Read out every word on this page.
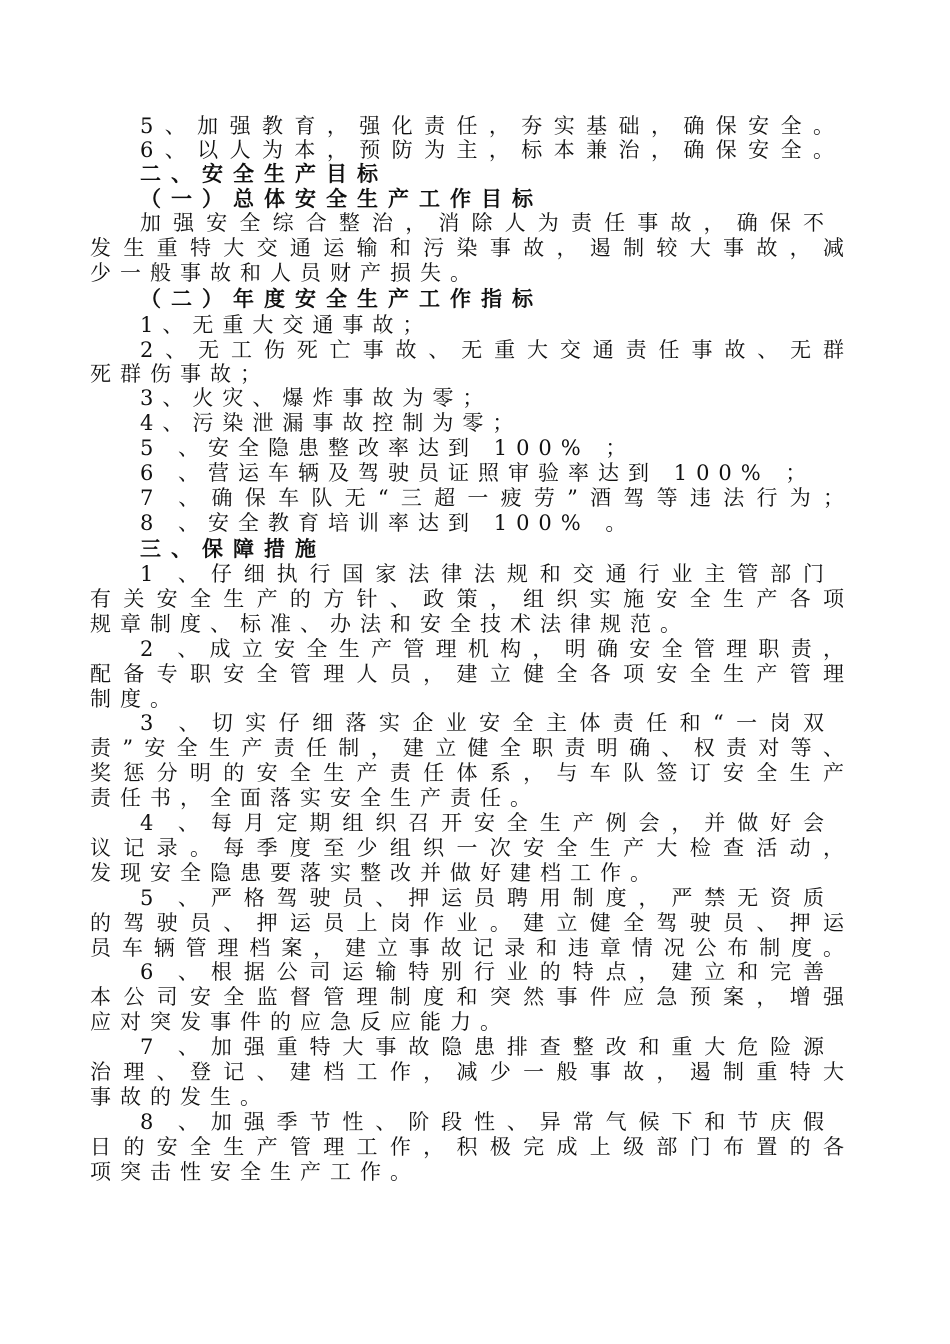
5、加强教育，强化责任，夯实基础，确保安全。
6、以人为本，预防为主，标本兼治，确保安全。
二、安全生产目标
（一）总体安全生产工作目标
加强安全综合整治，消除人为责任事故，确保不
发生重特大交通运输和污染事故，遏制较大事故，减
少一般事故和人员财产损失。
（二）年度安全生产工作指标
1、无重大交通事故；
2、无工伤死亡事故、无重大交通责任事故、无群
死群伤事故；
3、火灾、爆炸事故为零；
4、污染泄漏事故控制为零；
5 、安全隐患整改率达到 100% ；
6 、营运车辆及驾驶员证照审验率达到 100% ；
7 、确保车队无“三超一疲劳”酒驾等违法行为；
8 、安全教育培训率达到 100% 。
三、保障措施
1 、仔细执行国家法律法规和交通行业主管部门
有关安全生产的方针、政策，组织实施安全生产各项
规章制度、标准、办法和安全技术法律规范。
2 、成立安全生产管理机构，明确安全管理职责，
配备专职安全管理人员，建立健全各项安全生产管理
制度。
3 、切实仔细落实企业安全主体责任和“一岗双
责”安全生产责任制，建立健全职责明确、权责对等、
奖惩分明的安全生产责任体系，与车队签订安全生产
责任书，全面落实安全生产责任。
4 、每月定期组织召开安全生产例会，并做好会
议记录。每季度至少组织一次安全生产大检查活动，
发现安全隐患要落实整改并做好建档工作。
5 、严格驾驶员、押运员聘用制度，严禁无资质
的驾驶员、押运员上岗作业。建立健全驾驶员、押运
员车辆管理档案，建立事故记录和违章情况公布制度。
6 、根据公司运输特别行业的特点，建立和完善
本公司安全监督管理制度和突然事件应急预案，增强
应对突发事件的应急反应能力。
7 、加强重特大事故隐患排查整改和重大危险源
治理、登记、建档工作，减少一般事故，遏制重特大
事故的发生。
8 、加强季节性、阶段性、异常气候下和节庆假
日的安全生产管理工作，积极完成上级部门布置的各
项突击性安全生产工作。
